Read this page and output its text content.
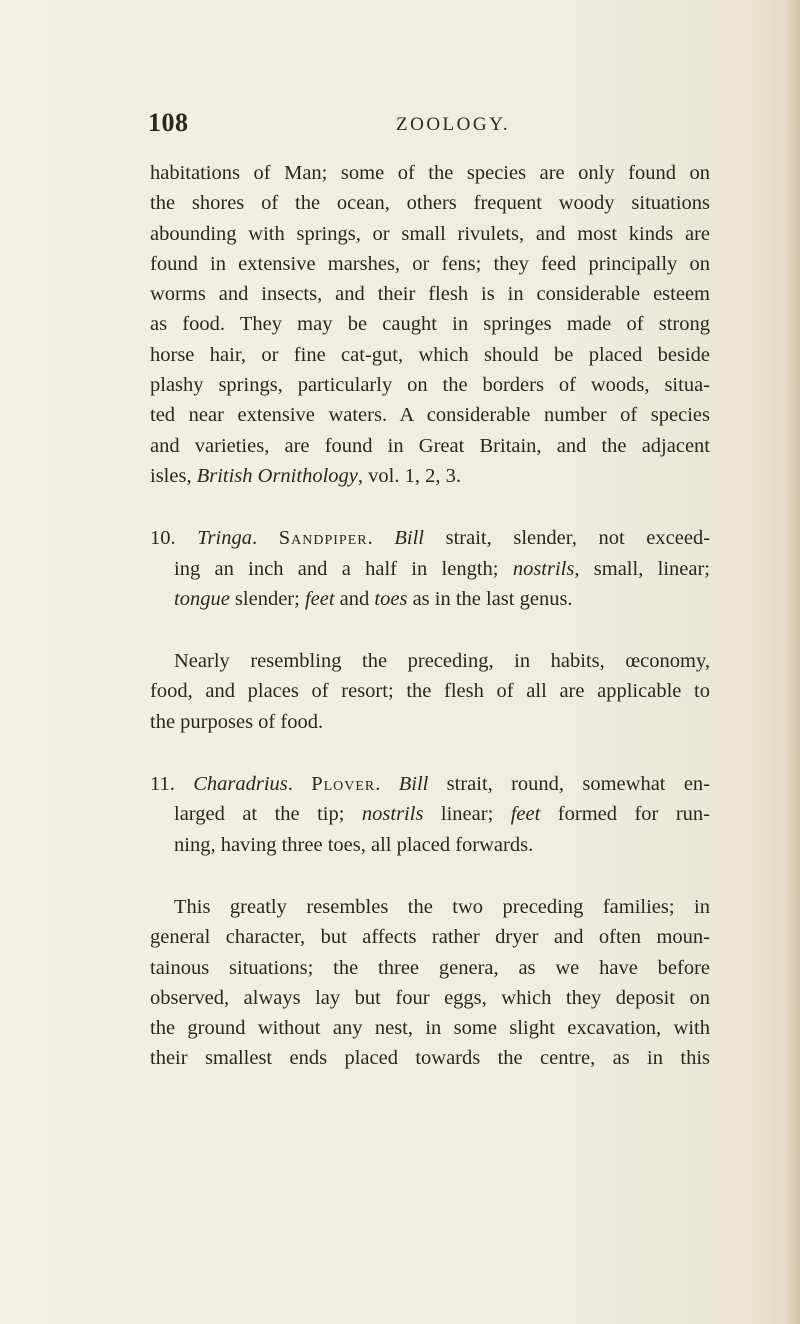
108	ZOOLOGY.
habitations of Man; some of the species are only found on
the shores of the ocean, others frequent woody situations
abounding with springs, or small rivulets, and most kinds are
found in extensive marshes, or fens; they feed principally on
worms and insects, and their flesh is in considerable esteem
as food. They may be caught in springes made of strong
horse hair, or fine cat-gut, which should be placed beside
plashy springs, particularly on the borders of woods, situa-
ted near extensive waters. A considerable number of species
and varieties, are found in Great Britain, and the adjacent
isles, British Ornithology, vol. 1, 2, 3.
10. Tringa. Sandpiper. Bill strait, slender, not exceed-
ing an inch and a half in length; nostrils, small, linear;
tongue slender; feet and toes as in the last genus.
Nearly resembling the preceding, in habits, œconomy,
food, and places of resort; the flesh of all are applicable to
the purposes of food.
11. Charadrius. Plover. Bill strait, round, somewhat en-
larged at the tip; nostrils linear; feet formed for run-
ning, having three toes, all placed forwards.
This greatly resembles the two preceding families; in
general character, but affects rather dryer and often moun-
tainous situations; the three genera, as we have before
observed, always lay but four eggs, which they deposit on
the ground without any nest, in some slight excavation, with
their smallest ends placed towards the centre, as in this
